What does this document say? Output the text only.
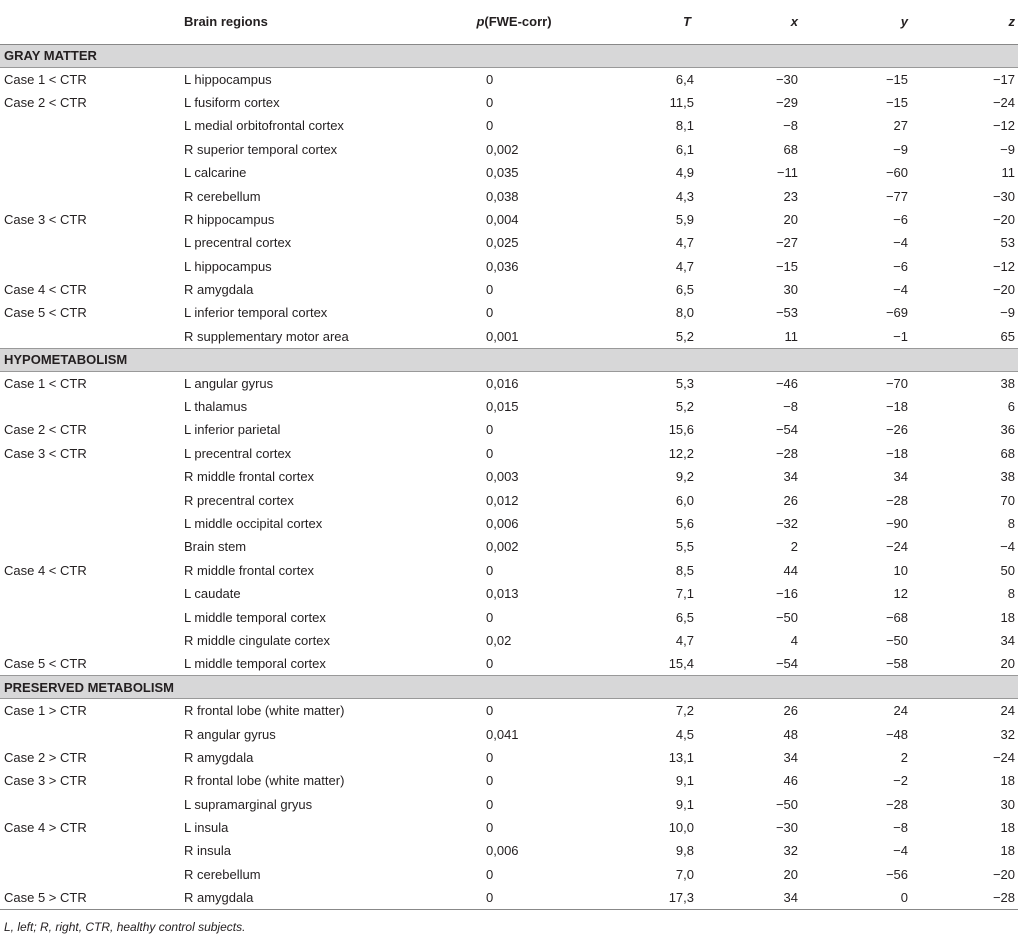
	Brain regions	p(FWE-corr)	T	x	y	z
GRAY MATTER						
Case 1 < CTR	L hippocampus	0	6,4	−30	−15	−17
Case 2 < CTR	L fusiform cortex	0	11,5	−29	−15	−24
	L medial orbitofrontal cortex	0	8,1	−8	27	−12
	R superior temporal cortex	0,002	6,1	68	−9	−9
	L calcarine	0,035	4,9	−11	−60	11
	R cerebellum	0,038	4,3	23	−77	−30
Case 3 < CTR	R hippocampus	0,004	5,9	20	−6	−20
	L precentral cortex	0,025	4,7	−27	−4	53
	L hippocampus	0,036	4,7	−15	−6	−12
Case 4 < CTR	R amygdala	0	6,5	30	−4	−20
Case 5 < CTR	L inferior temporal cortex	0	8,0	−53	−69	−9
	R supplementary motor area	0,001	5,2	11	−1	65
HYPOMETABOLISM						
Case 1 < CTR	L angular gyrus	0,016	5,3	−46	−70	38
	L thalamus	0,015	5,2	−8	−18	6
Case 2 < CTR	L inferior parietal	0	15,6	−54	−26	36
Case 3 < CTR	L precentral cortex	0	12,2	−28	−18	68
	R middle frontal cortex	0,003	9,2	34	34	38
	R precentral cortex	0,012	6,0	26	−28	70
	L middle occipital cortex	0,006	5,6	−32	−90	8
	Brain stem	0,002	5,5	2	−24	−4
Case 4 < CTR	R middle frontal cortex	0	8,5	44	10	50
	L caudate	0,013	7,1	−16	12	8
	L middle temporal cortex	0	6,5	−50	−68	18
	R middle cingulate cortex	0,02	4,7	4	−50	34
Case 5 < CTR	L middle temporal cortex	0	15,4	−54	−58	20
PRESERVED METABOLISM						
Case 1 > CTR	R frontal lobe (white matter)	0	7,2	26	24	24
	R angular gyrus	0,041	4,5	48	−48	32
Case 2 > CTR	R amygdala	0	13,1	34	2	−24
Case 3 > CTR	R frontal lobe (white matter)	0	9,1	46	−2	18
	L supramarginal gryus	0	9,1	−50	−28	30
Case 4 > CTR	L insula	0	10,0	−30	−8	18
	R insula	0,006	9,8	32	−4	18
	R cerebellum	0	7,0	20	−56	−20
Case 5 > CTR	R amygdala	0	17,3	34	0	−28
L, left; R, right, CTR, healthy control subjects.
